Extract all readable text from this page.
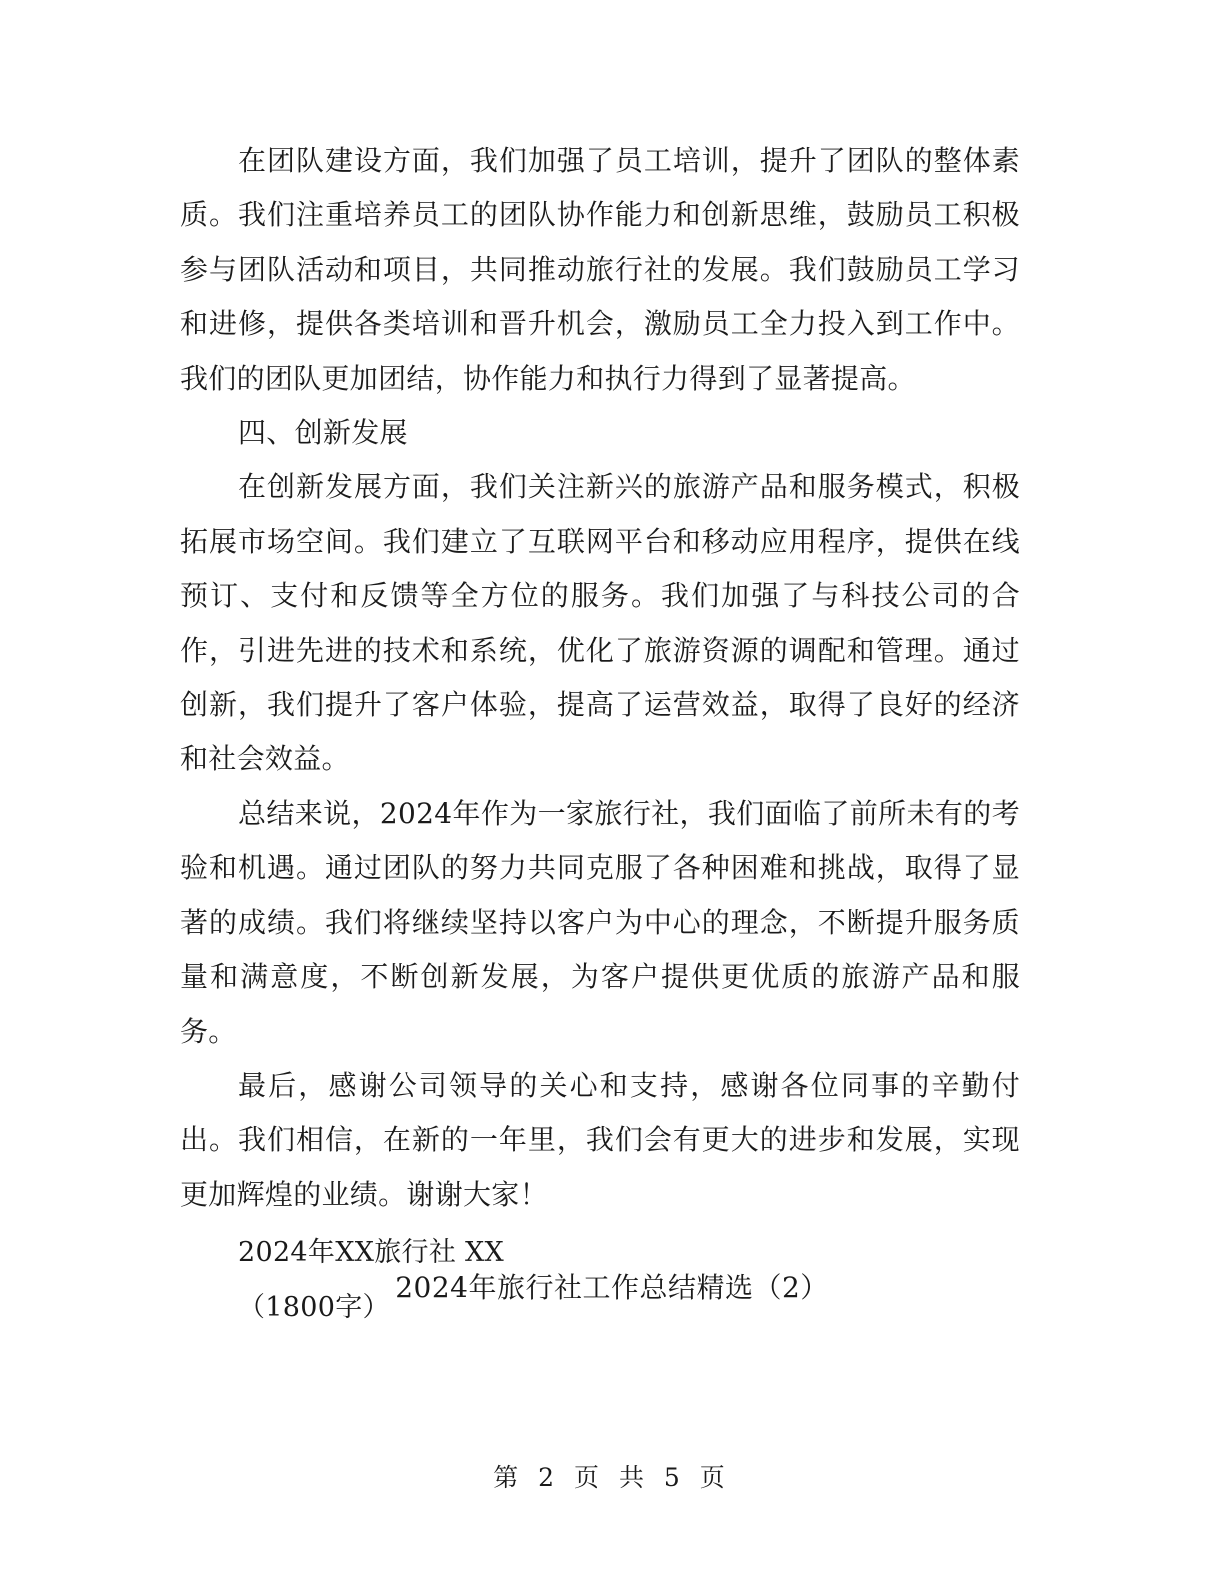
在团队建设方面，我们加强了员工培训，提升了团队的整体素质。我们注重培养员工的团队协作能力和创新思维，鼓励员工积极参与团队活动和项目，共同推动旅行社的发展。我们鼓励员工学习和进修，提供各类培训和晋升机会，激励员工全力投入到工作中。我们的团队更加团结，协作能力和执行力得到了显著提高。

四、创新发展

在创新发展方面，我们关注新兴的旅游产品和服务模式，积极拓展市场空间。我们建立了互联网平台和移动应用程序，提供在线预订、支付和反馈等全方位的服务。我们加强了与科技公司的合作，引进先进的技术和系统，优化了旅游资源的调配和管理。通过创新，我们提升了客户体验，提高了运营效益，取得了良好的经济和社会效益。

总结来说，2024年作为一家旅行社，我们面临了前所未有的考验和机遇。通过团队的努力共同克服了各种困难和挑战，取得了显著的成绩。我们将继续坚持以客户为中心的理念，不断提升服务质量和满意度，不断创新发展，为客户提供更优质的旅游产品和服务。

最后，感谢公司领导的关心和支持，感谢各位同事的辛勤付出。我们相信，在新的一年里，我们会有更大的进步和发展，实现更加辉煌的业绩。谢谢大家！

2024年XX旅行社 XX

（1800字）

2024年旅行社工作总结精选（2）
第 2 页 共 5 页
